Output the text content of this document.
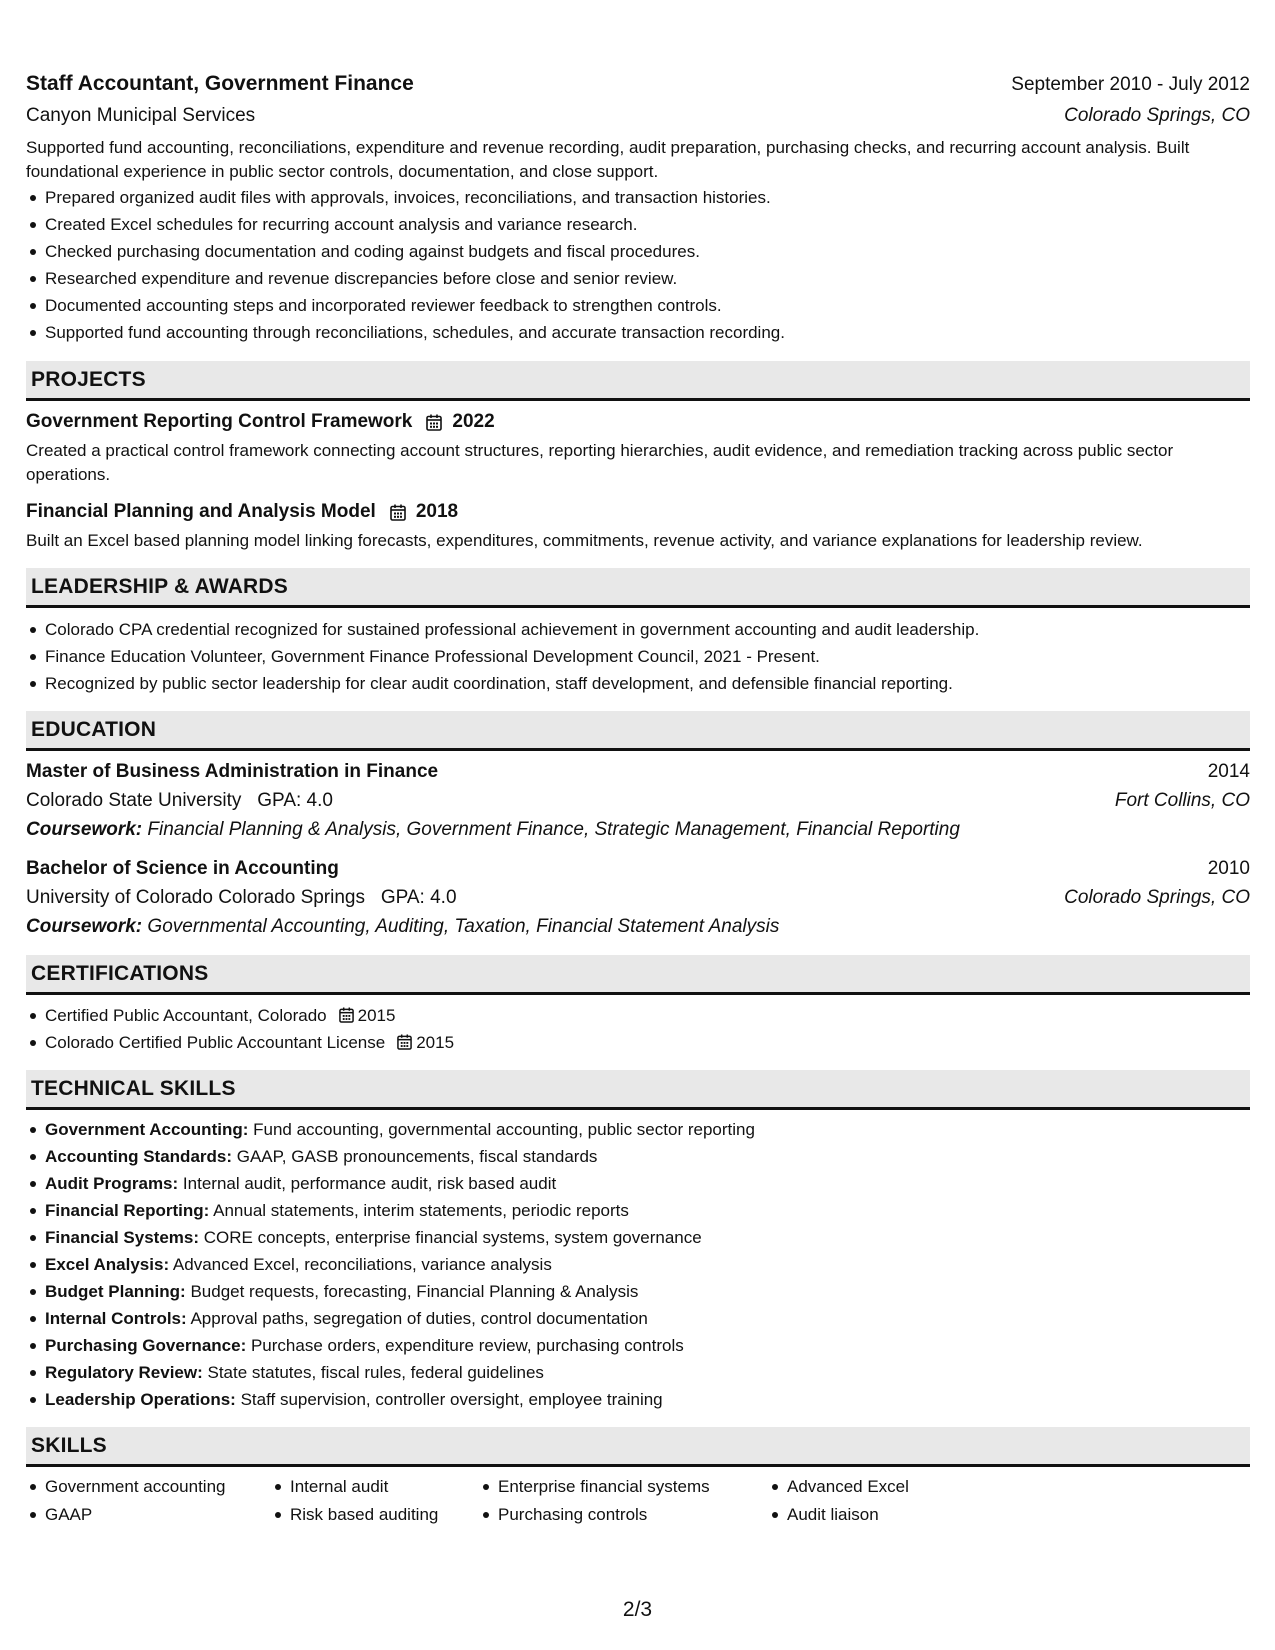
Staff Accountant, Government Finance	September 2010 - July 2012
Canyon Municipal Services	Colorado Springs, CO
Supported fund accounting, reconciliations, expenditure and revenue recording, audit preparation, purchasing checks, and recurring account analysis. Built foundational experience in public sector controls, documentation, and close support.
Prepared organized audit files with approvals, invoices, reconciliations, and transaction histories.
Created Excel schedules for recurring account analysis and variance research.
Checked purchasing documentation and coding against budgets and fiscal procedures.
Researched expenditure and revenue discrepancies before close and senior review.
Documented accounting steps and incorporated reviewer feedback to strengthen controls.
Supported fund accounting through reconciliations, schedules, and accurate transaction recording.
PROJECTS
Government Reporting Control Framework 2022
Created a practical control framework connecting account structures, reporting hierarchies, audit evidence, and remediation tracking across public sector operations.
Financial Planning and Analysis Model 2018
Built an Excel based planning model linking forecasts, expenditures, commitments, revenue activity, and variance explanations for leadership review.
LEADERSHIP & AWARDS
Colorado CPA credential recognized for sustained professional achievement in government accounting and audit leadership.
Finance Education Volunteer, Government Finance Professional Development Council, 2021 - Present.
Recognized by public sector leadership for clear audit coordination, staff development, and defensible financial reporting.
EDUCATION
Master of Business Administration in Finance	2014
Colorado State University GPA: 4.0	Fort Collins, CO
Coursework: Financial Planning & Analysis, Government Finance, Strategic Management, Financial Reporting
Bachelor of Science in Accounting	2010
University of Colorado Colorado Springs GPA: 4.0	Colorado Springs, CO
Coursework: Governmental Accounting, Auditing, Taxation, Financial Statement Analysis
CERTIFICATIONS
Certified Public Accountant, Colorado 2015
Colorado Certified Public Accountant License 2015
TECHNICAL SKILLS
Government Accounting: Fund accounting, governmental accounting, public sector reporting
Accounting Standards: GAAP, GASB pronouncements, fiscal standards
Audit Programs: Internal audit, performance audit, risk based audit
Financial Reporting: Annual statements, interim statements, periodic reports
Financial Systems: CORE concepts, enterprise financial systems, system governance
Excel Analysis: Advanced Excel, reconciliations, variance analysis
Budget Planning: Budget requests, forecasting, Financial Planning & Analysis
Internal Controls: Approval paths, segregation of duties, control documentation
Purchasing Governance: Purchase orders, expenditure review, purchasing controls
Regulatory Review: State statutes, fiscal rules, federal guidelines
Leadership Operations: Staff supervision, controller oversight, employee training
SKILLS
Government accounting
GAAP
Internal audit
Risk based auditing
Enterprise financial systems
Purchasing controls
Advanced Excel
Audit liaison
2/3
